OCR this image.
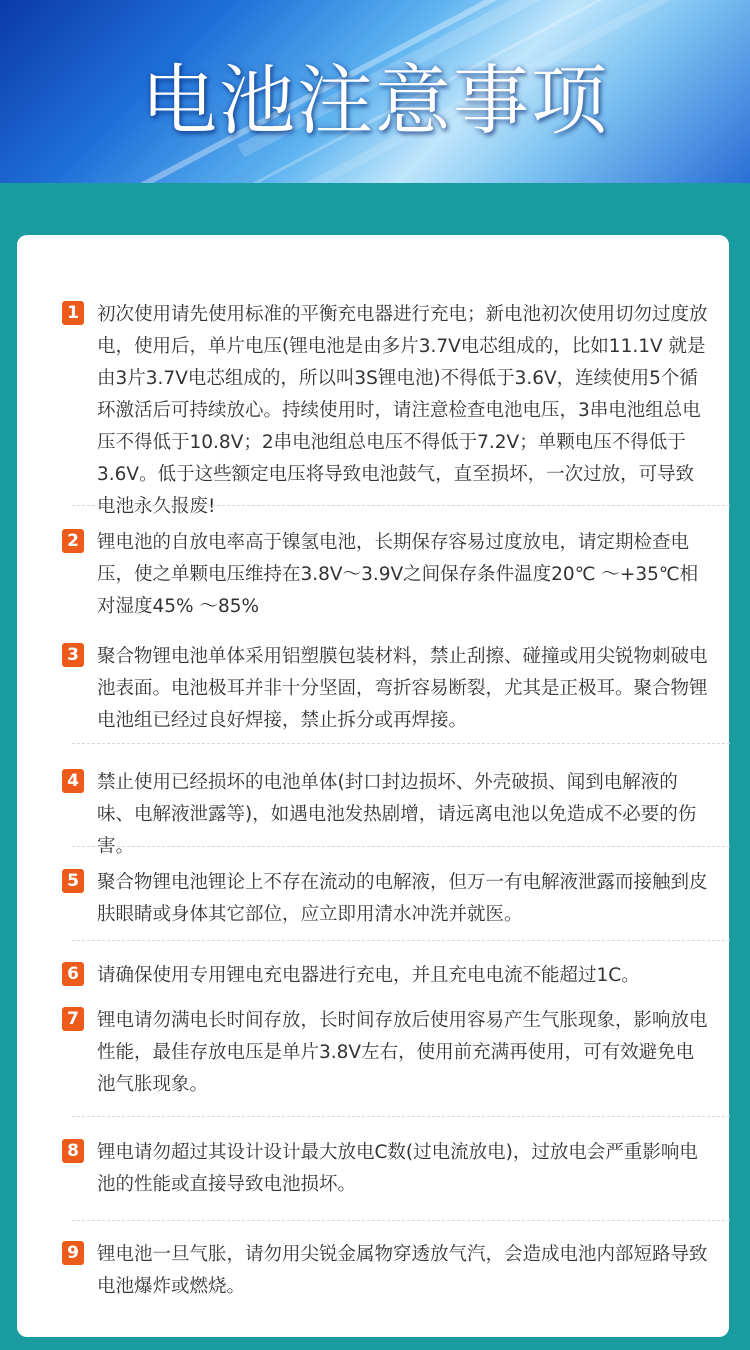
电池注意事项
1 初次使用请先使用标准的平衡充电器进行充电；新电池初次使用切勿过度放电，使用后，单片电压(锂电池是由多片3.7V电芯组成的，比如11.1V 就是由3片3.7V电芯组成的，所以叫3S锂电池)不得低于3.6V，连续使用5个循环激活后可持续放心。持续使用时，请注意检查电池电压，3串电池组总电压不得低于10.8V；2串电池组总电压不得低于7.2V；单颗电压不得低于3.6V。低于这些额定电压将导致电池鼓气，直至损坏，一次过放，可导致电池永久报废!
2 锂电池的自放电率高于镍氢电池，长期保存容易过度放电，请定期检查电压，使之单颗电压维持在3.8V～3.9V之间保存条件温度20℃ ～+35℃相对湿度45% ～85%
3 聚合物锂电池单体采用铝塑膜包装材料，禁止刮擦、碰撞或用尖锐物刺破电池表面。电池极耳并非十分坚固，弯折容易断裂，尤其是正极耳。聚合物锂电池组已经过良好焊接，禁止拆分或再焊接。
4 禁止使用已经损坏的电池单体(封口封边损坏、外壳破损、闻到电解液的味、电解液泄露等)，如遇电池发热剧增，请远离电池以免造成不必要的伤害。
5 聚合物锂电池锂论上不存在流动的电解液，但万一有电解液泄露而接触到皮肤眼睛或身体其它部位，应立即用清水冲洗并就医。
6 请确保使用专用锂电充电器进行充电，并且充电电流不能超过1C。
7 锂电请勿满电长时间存放，长时间存放后使用容易产生气胀现象，影响放电性能，最佳存放电压是单片3.8V左右，使用前充满再使用，可有效避免电池气胀现象。
8 锂电请勿超过其设计设计最大放电C数(过电流放电)，过放电会严重影响电池的性能或直接导致电池损坏。
9 锂电池一旦气胀，请勿用尖锐金属物穿透放气汽，会造成电池内部短路导致电池爆炸或燃烧。
